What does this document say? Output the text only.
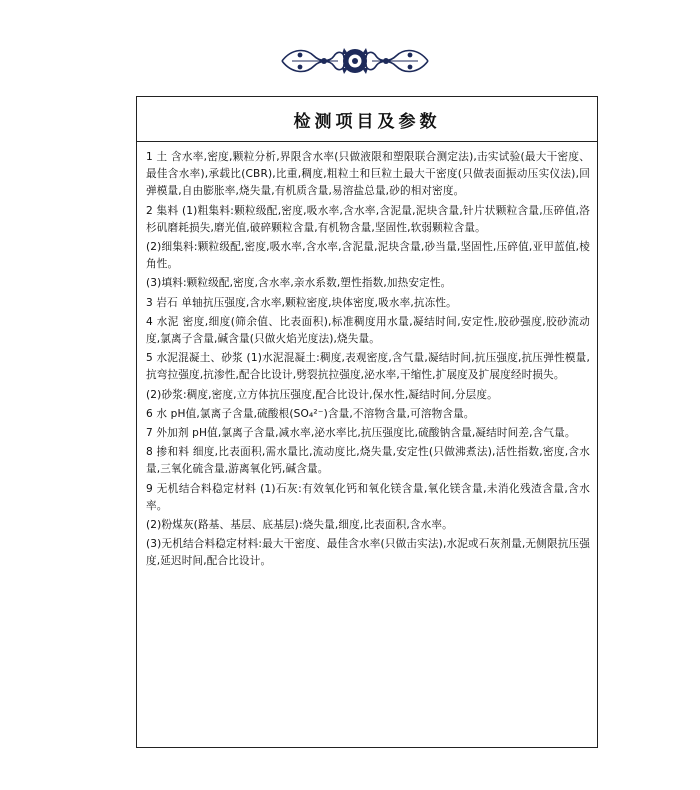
检测项目及参数

1 土 含水率,密度,颗粒分析,界限含水率(只做液限和塑限联合测定法),击实试验(最大干密度、最佳含水率),承载比(CBR),比重,稠度,粗粒土和巨粒土最大干密度(只做表面振动压实仪法),回弹模量,自由膨胀率,烧失量,有机质含量,易溶盐总量,砂的相对密度。

2 集料 (1)粗集料:颗粒级配,密度,吸水率,含水率,含泥量,泥块含量,针片状颗粒含量,压碎值,洛杉矶磨耗损失,磨光值,破碎颗粒含量,有机物含量,坚固性,软弱颗粒含量。

(2)细集料:颗粒级配,密度,吸水率,含水率,含泥量,泥块含量,砂当量,坚固性,压碎值,亚甲蓝值,棱角性。

(3)填料:颗粒级配,密度,含水率,亲水系数,塑性指数,加热安定性。

3 岩石 单轴抗压强度,含水率,颗粒密度,块体密度,吸水率,抗冻性。

4 水泥 密度,细度(筛余值、比表面积),标准稠度用水量,凝结时间,安定性,胶砂强度,胶砂流动度,氯离子含量,碱含量(只做火焰光度法),烧失量。

5 水泥混凝土、砂浆 (1)水泥混凝土:稠度,表观密度,含气量,凝结时间,抗压强度,抗压弹性模量,抗弯拉强度,抗渗性,配合比设计,劈裂抗拉强度,泌水率,干缩性,扩展度及扩展度经时损失。

(2)砂浆:稠度,密度,立方体抗压强度,配合比设计,保水性,凝结时间,分层度。

6 水 pH值,氯离子含量,硫酸根(SO₄²⁻)含量,不溶物含量,可溶物含量。

7 外加剂 pH值,氯离子含量,减水率,泌水率比,抗压强度比,硫酸钠含量,凝结时间差,含气量。

8 掺和料 细度,比表面积,需水量比,流动度比,烧失量,安定性(只做沸煮法),活性指数,密度,含水量,三氧化硫含量,游离氧化钙,碱含量。

9 无机结合料稳定材料 (1)石灰:有效氧化钙和氧化镁含量,氧化镁含量,未消化残渣含量,含水率。

(2)粉煤灰(路基、基层、底基层):烧失量,细度,比表面积,含水率。

(3)无机结合料稳定材料:最大干密度、最佳含水率(只做击实法),水泥或石灰剂量,无侧限抗压强度,延迟时间,配合比设计。
